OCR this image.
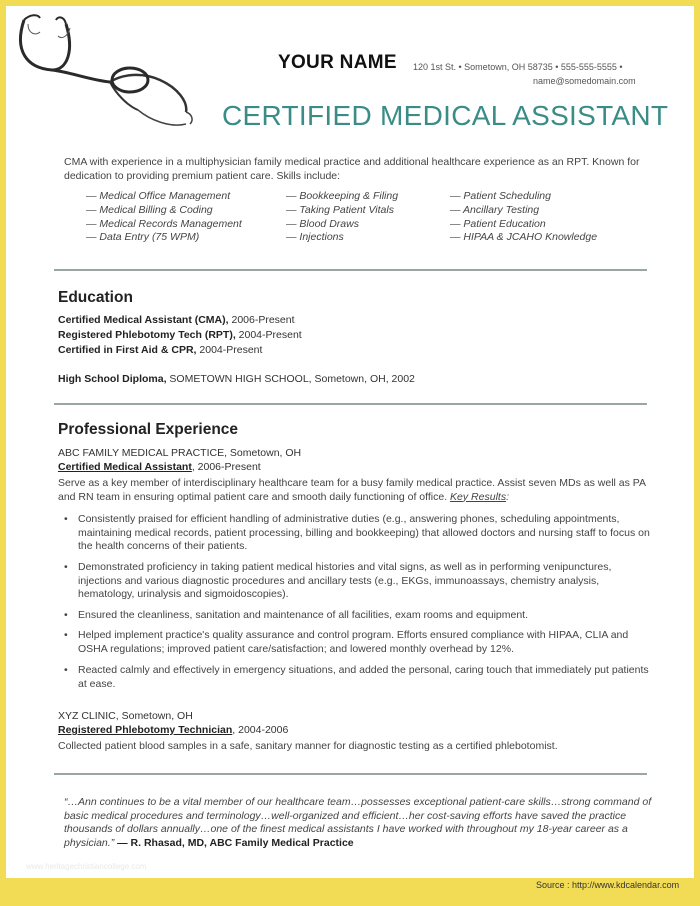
YOUR NAME 120 1st St. • Sometown, OH 58735 • 555-555-5555 •
name@somedomain.com
CERTIFIED MEDICAL ASSISTANT
CMA with experience in a multiphysician family medical practice and additional healthcare experience as an RPT. Known for dedication to providing premium patient care. Skills include:
— Medical Office Management
— Medical Billing & Coding
— Medical Records Management
— Data Entry (75 WPM)
— Bookkeeping & Filing
— Taking Patient Vitals
— Blood Draws
— Injections
— Patient Scheduling
— Ancillary Testing
— Patient Education
— HIPAA & JCAHO Knowledge
Education
Certified Medical Assistant (CMA), 2006-Present
Registered Phlebotomy Tech (RPT), 2004-Present
Certified in First Aid & CPR, 2004-Present
High School Diploma, SOMETOWN HIGH SCHOOL, Sometown, OH, 2002
Professional Experience
ABC FAMILY MEDICAL PRACTICE, Sometown, OH
Certified Medical Assistant, 2006-Present
Serve as a key member of interdisciplinary healthcare team for a busy family medical practice. Assist seven MDs as well as PA and RN team in ensuring optimal patient care and smooth daily functioning of office. Key Results:
• Consistently praised for efficient handling of administrative duties (e.g., answering phones, scheduling appointments, maintaining medical records, patient processing, billing and bookkeeping) that allowed doctors and nursing staff to focus on the health concerns of their patients.
• Demonstrated proficiency in taking patient medical histories and vital signs, as well as in performing venipunctures, injections and various diagnostic procedures and ancillary tests (e.g., EKGs, immunoassays, chemistry analysis, hematology, urinalysis and sigmoidoscopies).
• Ensured the cleanliness, sanitation and maintenance of all facilities, exam rooms and equipment.
• Helped implement practice's quality assurance and control program. Efforts ensured compliance with HIPAA, CLIA and OSHA regulations; improved patient care/satisfaction; and lowered monthly overhead by 12%.
• Reacted calmly and effectively in emergency situations, and added the personal, caring touch that immediately put patients at ease.
XYZ CLINIC, Sometown, OH
Registered Phlebotomy Technician, 2004-2006
Collected patient blood samples in a safe, sanitary manner for diagnostic testing as a certified phlebotomist.
“…Ann continues to be a vital member of our healthcare team…possesses exceptional patient-care skills…strong command of basic medical procedures and terminology…well-organized and efficient…her cost-saving efforts have saved the practice thousands of dollars annually…one of the finest medical assistants I have worked with throughout my 18-year career as a physician.” — R. Rhasad, MD, ABC Family Medical Practice
www.heritagechristiancollege.com
Source : http://www.kdcalendar.com
